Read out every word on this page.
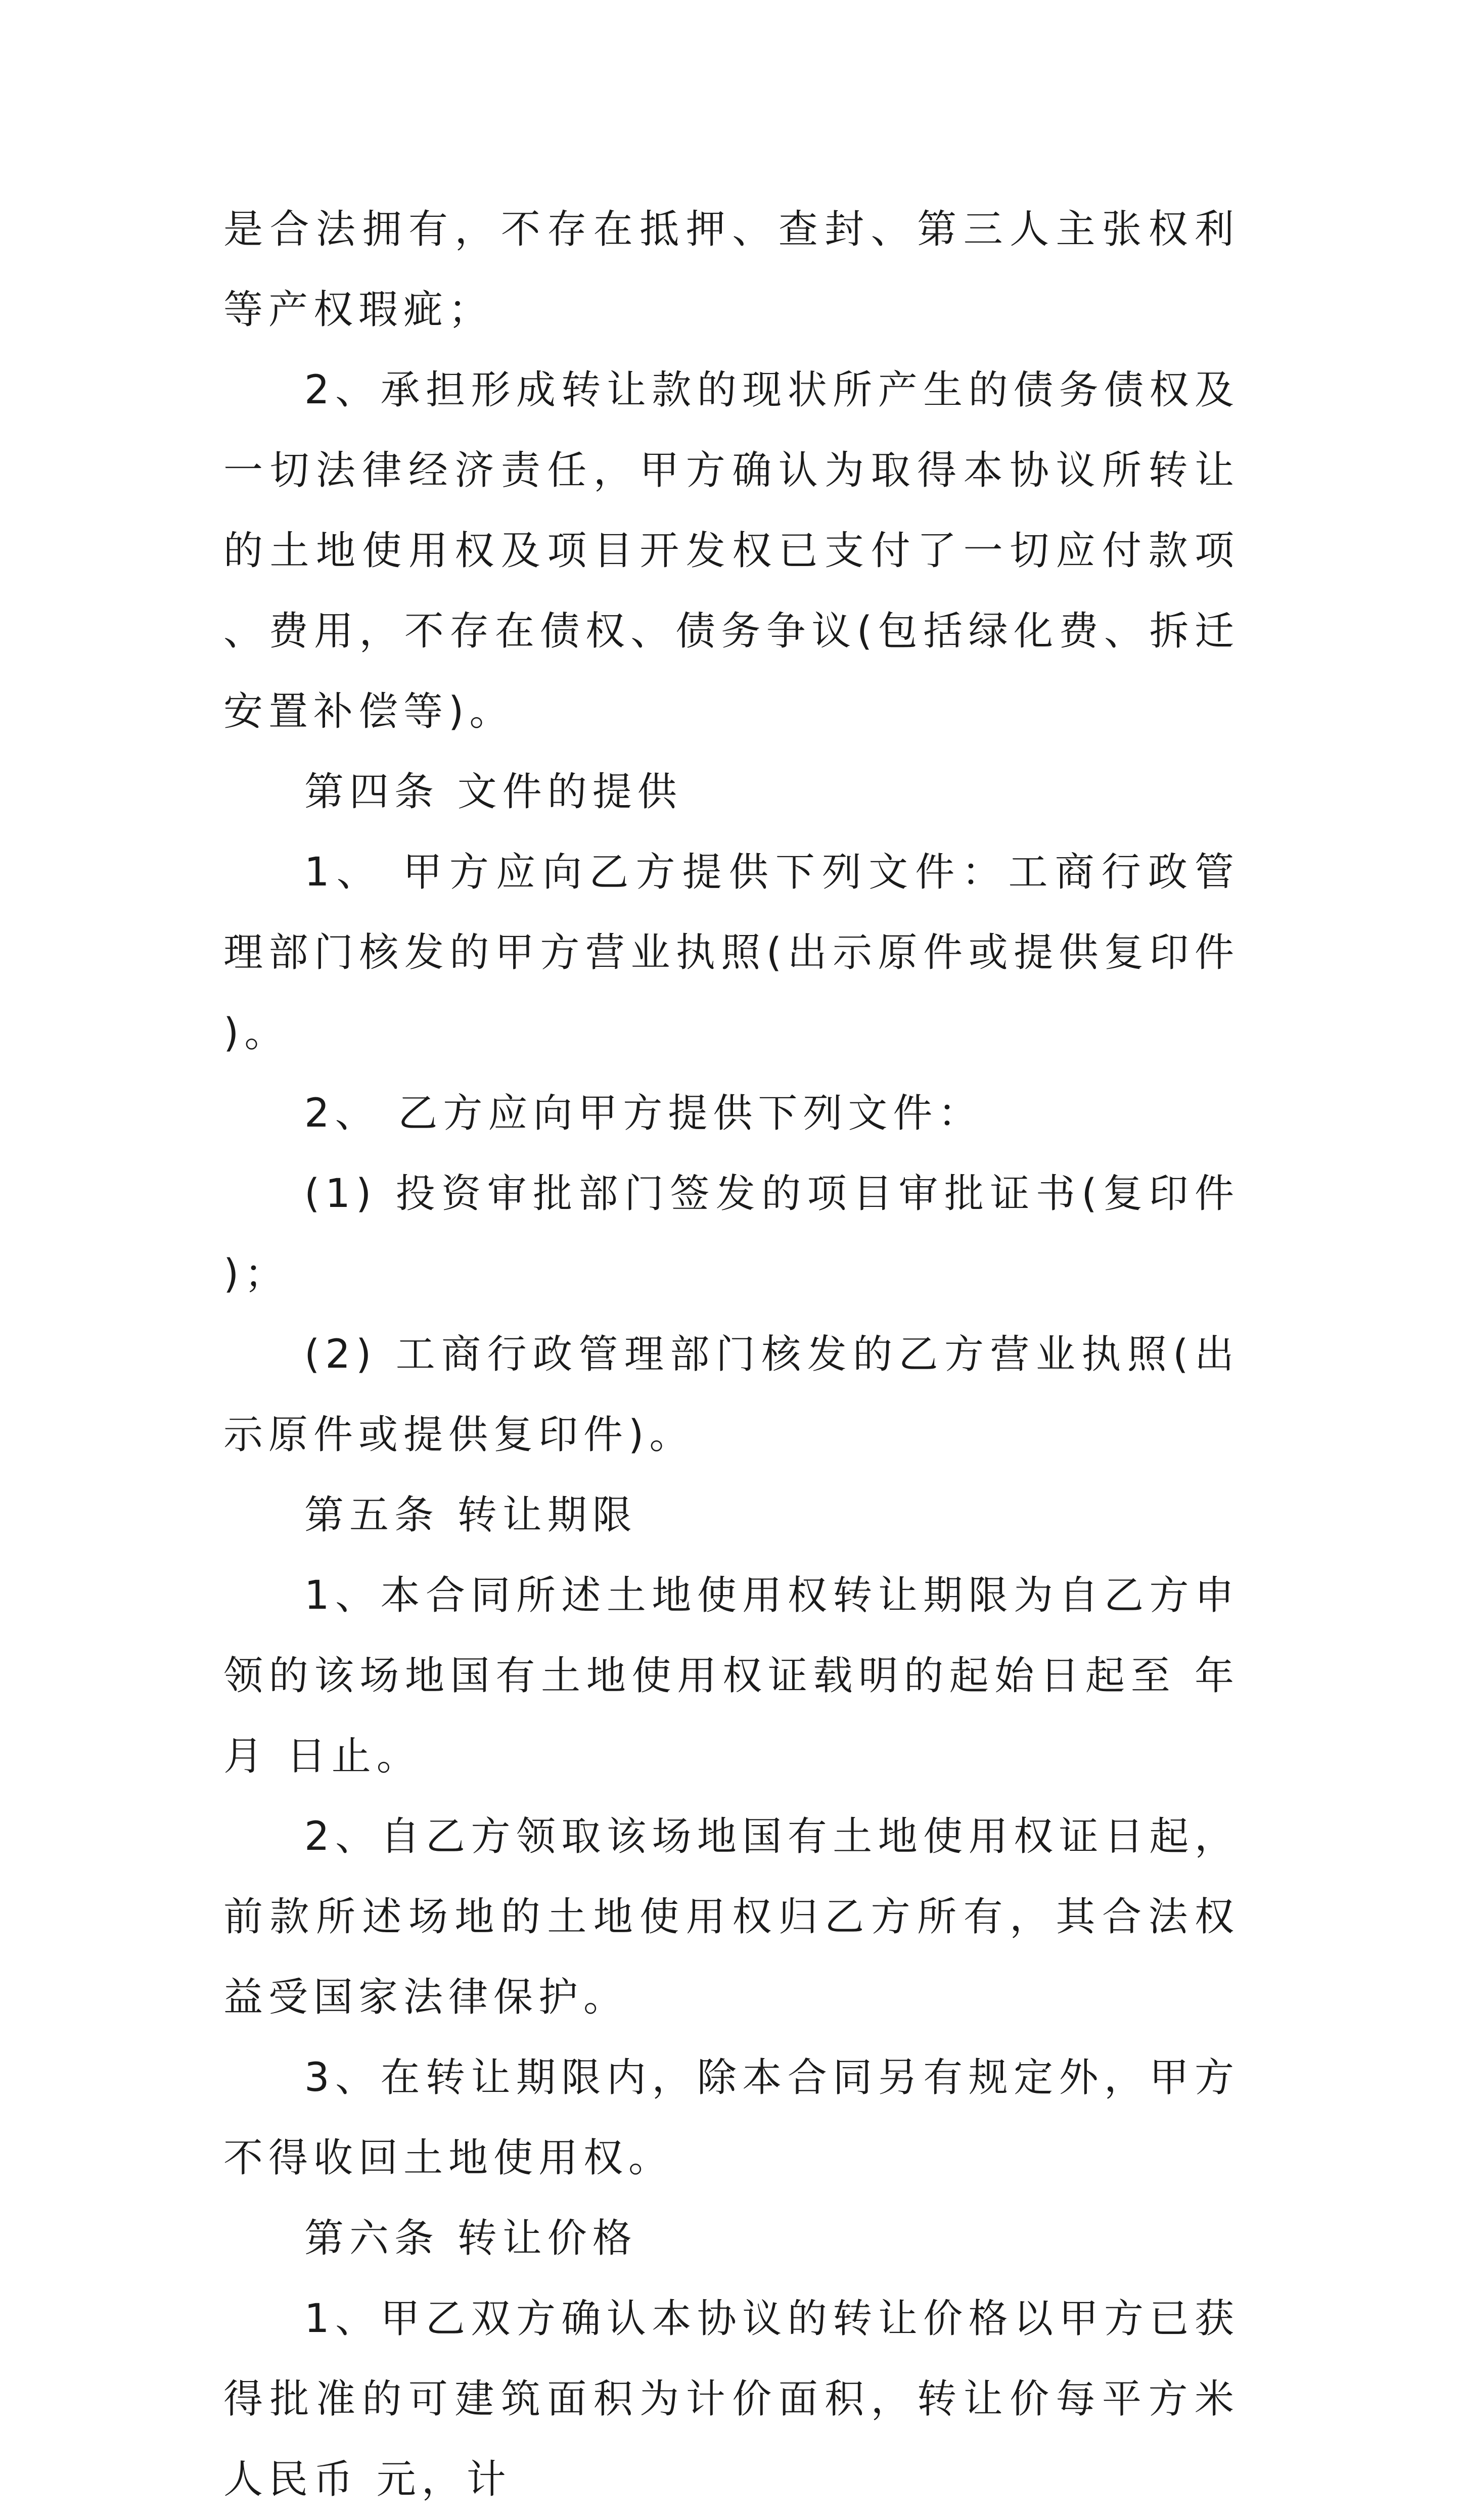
是合法拥有，不存在抵押、查封、第三人主张权利等产权瑕疵；

2、承担形成转让款的现状所产生的债务债权及一切法律经济责任，甲方确认为取得本协议所转让的土地使用权及项目开发权已支付了一切应付款项、费用，不存在债权、债务争议(包括绿化费、拆迁安置补偿等)。

第四条 文件的提供

1、 甲方应向乙方提供下列文件：工商行政管理部门核发的甲方营业执照(出示原件或提供复印件)。

2、 乙方应向甲方提供下列文件：

(1) 投资审批部门签发的项目审批证书(复印件)；

(2) 工商行政管理部门核发的乙方营业执照(出示原件或提供复印件)。

第五条 转让期限

1、本合同所述土地使用权转让期限为自乙方申领的该场地国有土地使用权证载明的起始日起至 年 月 日止。

2、自乙方领取该场地国有土地使用权证日起，前款所述场地的土地使用权归乙方所有，其合法权益受国家法律保护。

3、在转让期限内，除本合同另有规定外，甲方不得收回土地使用权。

第六条 转让价格

1、甲乙双方确认本协议的转让价格以甲方已获得批准的可建筑面积为计价面积，转让价每平方米人民币 元，计
